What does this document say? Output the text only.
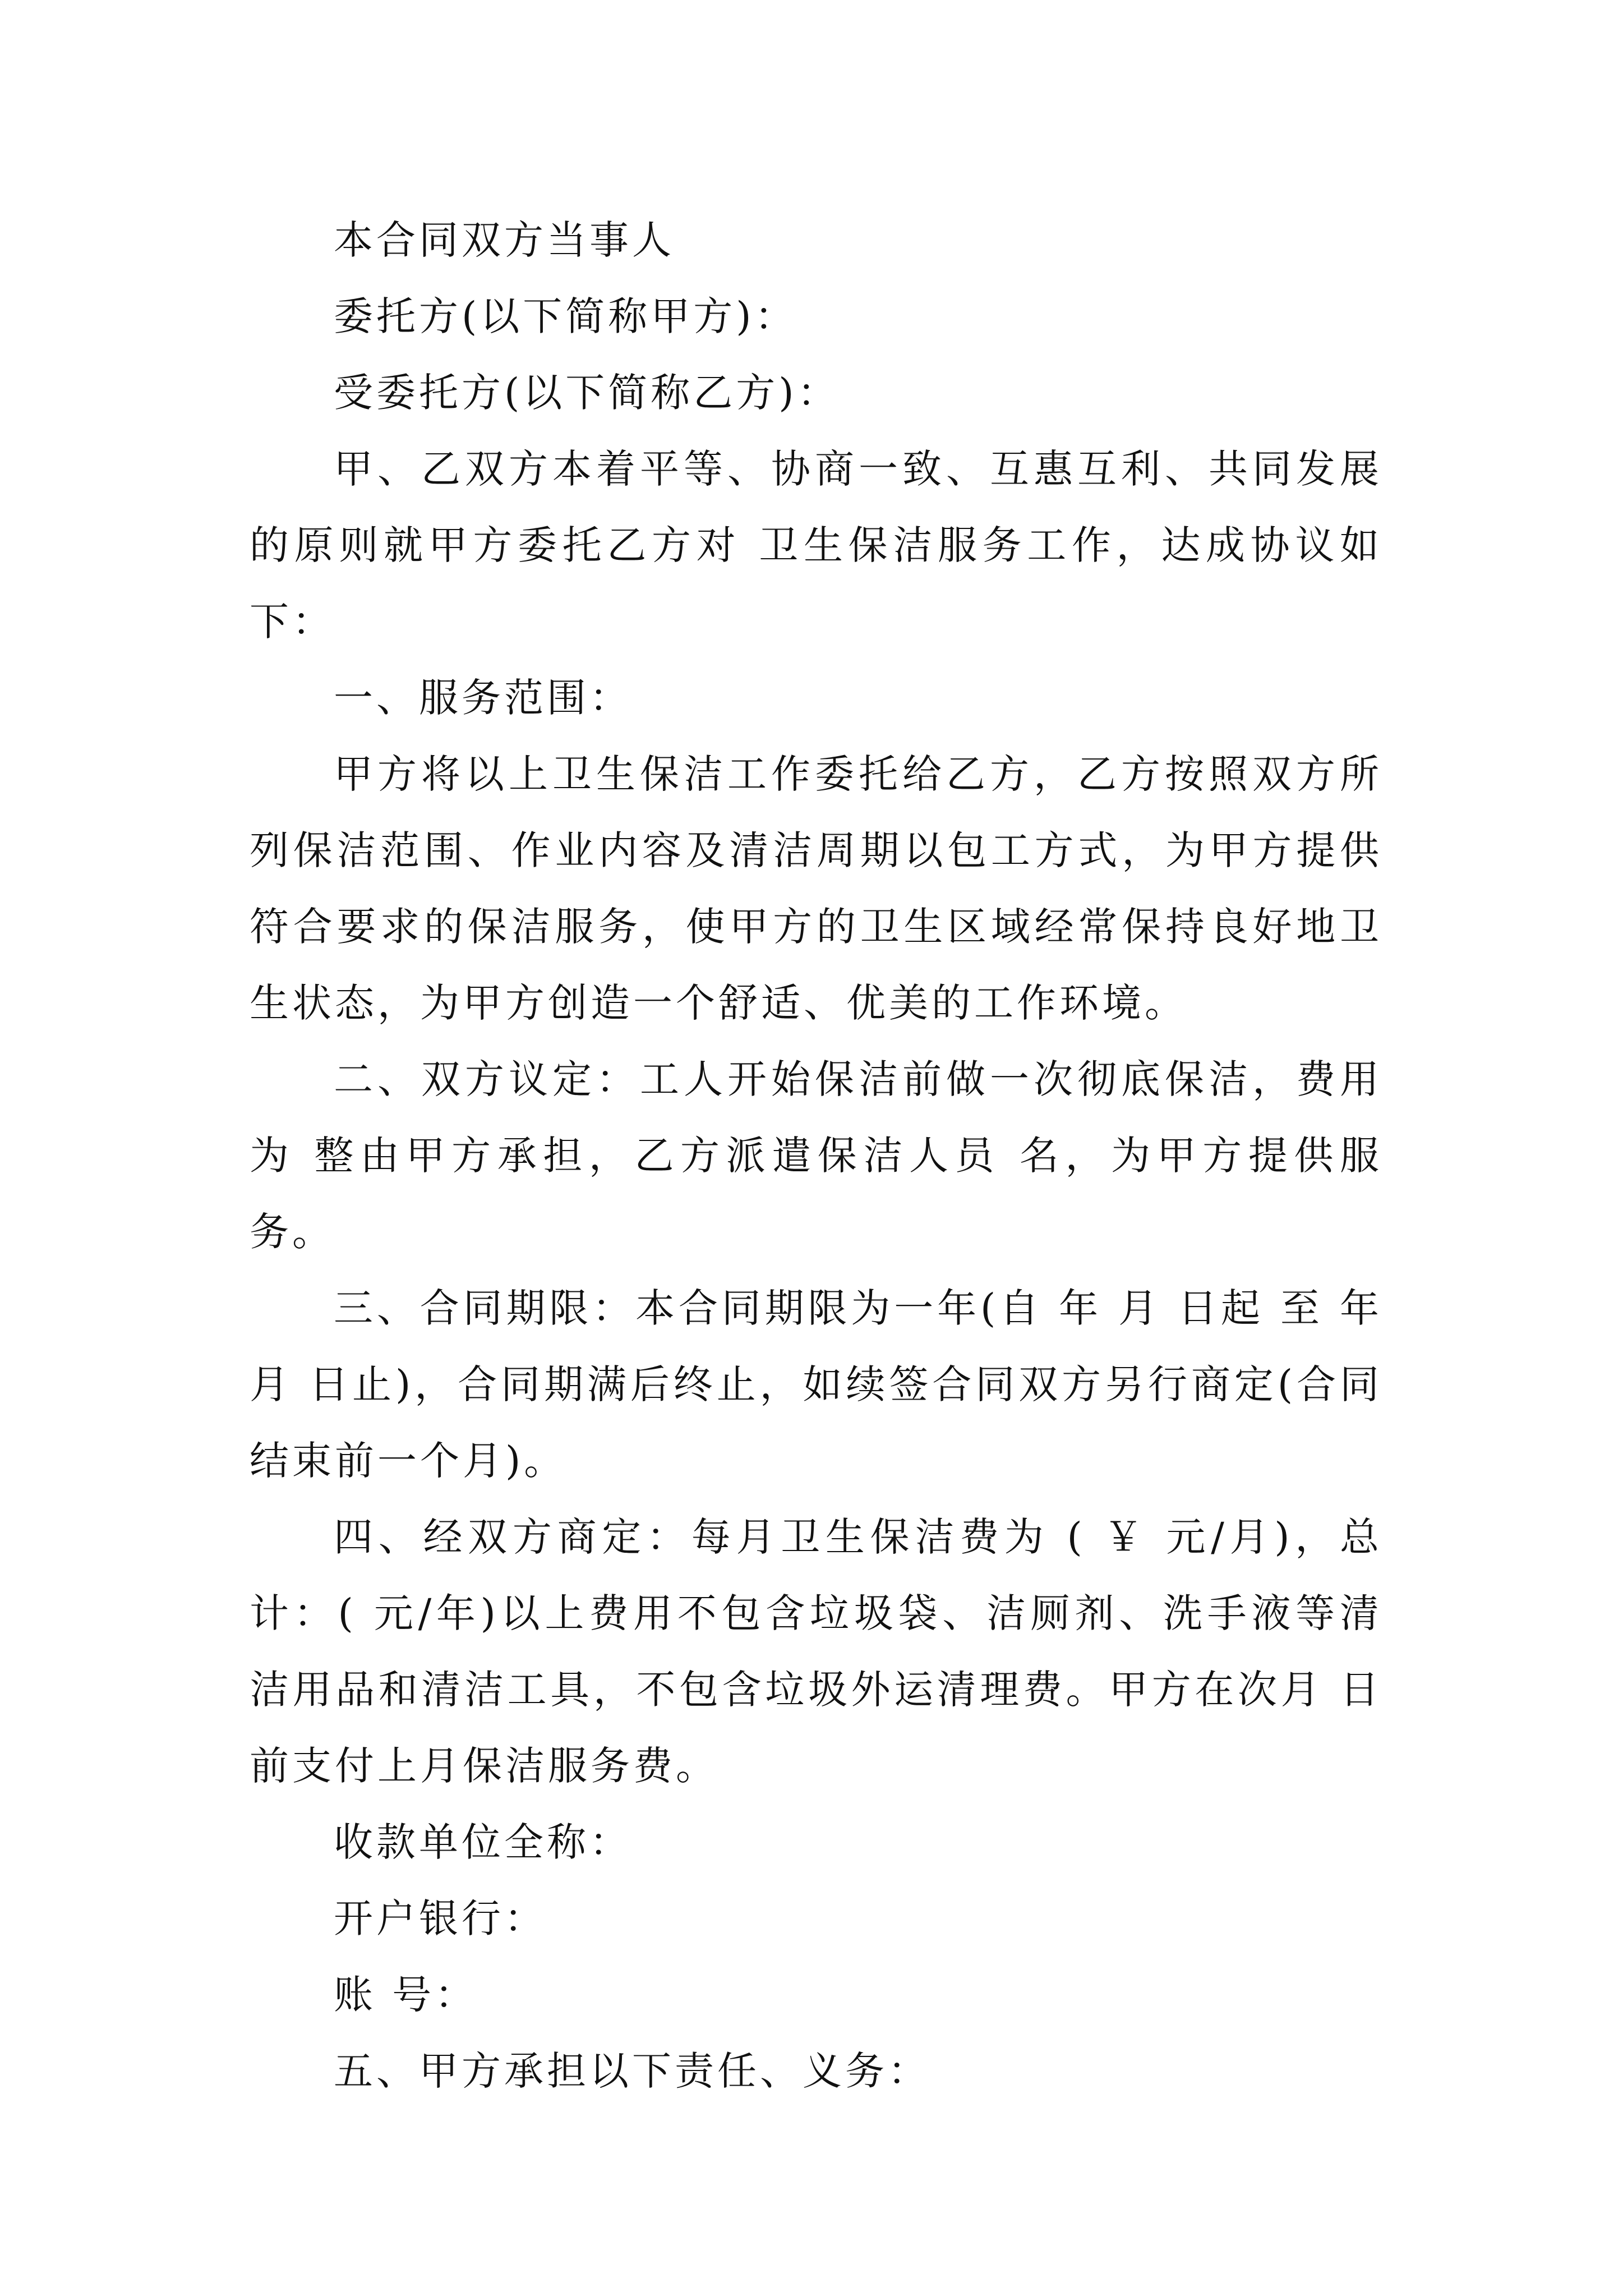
本合同双方当事人

委托方(以下简称甲方)：

受委托方(以下简称乙方)：

甲、乙双方本着平等、协商一致、互惠互利、共同发展的原则就甲方委托乙方对 卫生保洁服务工作，达成协议如下：

一、服务范围：

甲方将以上卫生保洁工作委托给乙方，乙方按照双方所列保洁范围、作业内容及清洁周期以包工方式，为甲方提供符合要求的保洁服务，使甲方的卫生区域经常保持良好地卫生状态，为甲方创造一个舒适、优美的工作环境。

二、双方议定：工人开始保洁前做一次彻底保洁，费用为 整由甲方承担，乙方派遣保洁人员 名，为甲方提供服务。

三、合同期限：本合同期限为一年(自 年 月 日起 至 年 月 日止)，合同期满后终止，如续签合同双方另行商定(合同结束前一个月)。

四、经双方商定：每月卫生保洁费为 ( ￥ 元/月)，总计：( 元/年)以上费用不包含垃圾袋、洁厕剂、洗手液等清洁用品和清洁工具，不包含垃圾外运清理费。甲方在次月 日前支付上月保洁服务费。

收款单位全称：

开户银行：

账 号：

五、甲方承担以下责任、义务：
